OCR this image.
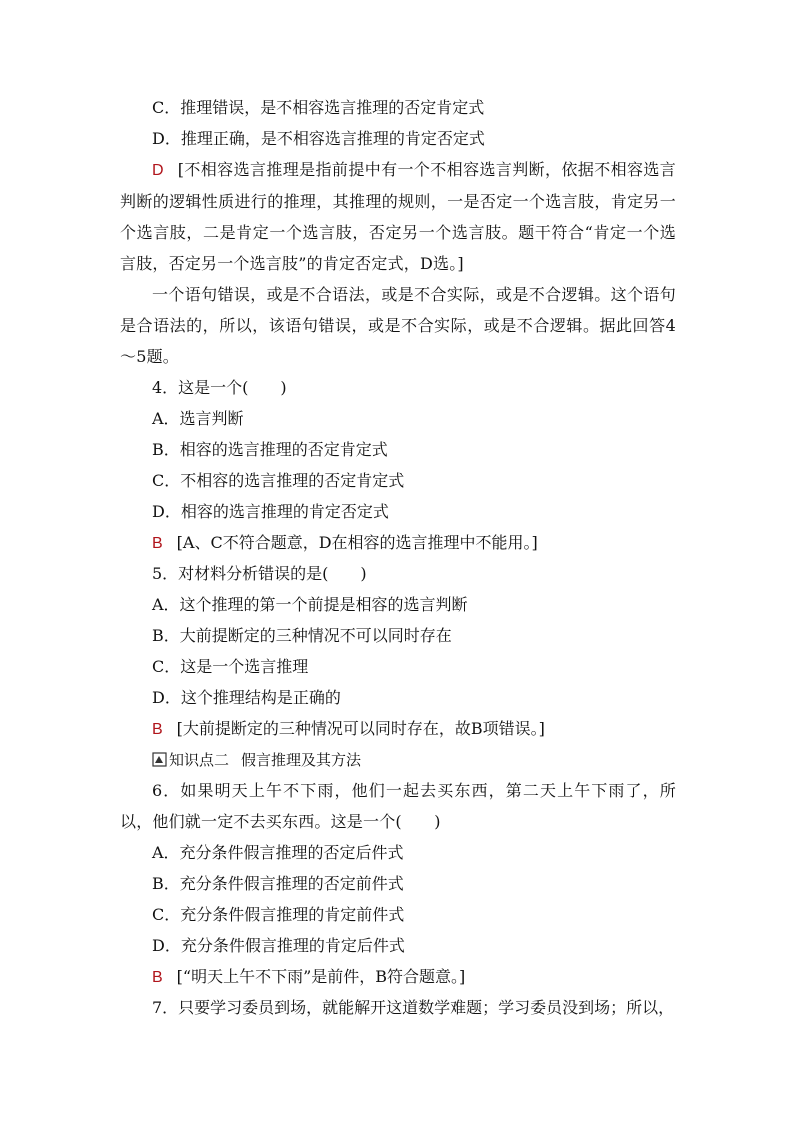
C．推理错误，是不相容选言推理的否定肯定式
D．推理正确，是不相容选言推理的肯定否定式
D [不相容选言推理是指前提中有一个不相容选言判断，依据不相容选言判断的逻辑性质进行的推理，其推理的规则，一是否定一个选言肢，肯定另一个选言肢，二是肯定一个选言肢，否定另一个选言肢。题干符合“肯定一个选言肢，否定另一个选言肢”的肯定否定式，D选。]
一个语句错误，或是不合语法，或是不合实际，或是不合逻辑。这个语句是合语法的，所以，该语句错误，或是不合实际，或是不合逻辑。据此回答4～5题。
4．这是一个(　　)
A．选言判断
B．相容的选言推理的否定肯定式
C．不相容的选言推理的否定肯定式
D．相容的选言推理的肯定否定式
B [A、C不符合题意，D在相容的选言推理中不能用。]
5．对材料分析错误的是(　　)
A．这个推理的第一个前提是相容的选言判断
B．大前提断定的三种情况不可以同时存在
C．这是一个选言推理
D．这个推理结构是正确的
B [大前提断定的三种情况可以同时存在，故B项错误。]
知识点二 假言推理及其方法
6．如果明天上午不下雨，他们一起去买东西，第二天上午下雨了，所以，他们就一定不去买东西。这是一个(　　)
A．充分条件假言推理的否定后件式
B．充分条件假言推理的否定前件式
C．充分条件假言推理的肯定前件式
D．充分条件假言推理的肯定后件式
B [“明天上午不下雨”是前件，B符合题意。]
7．只要学习委员到场，就能解开这道数学难题；学习委员没到场；所以，
